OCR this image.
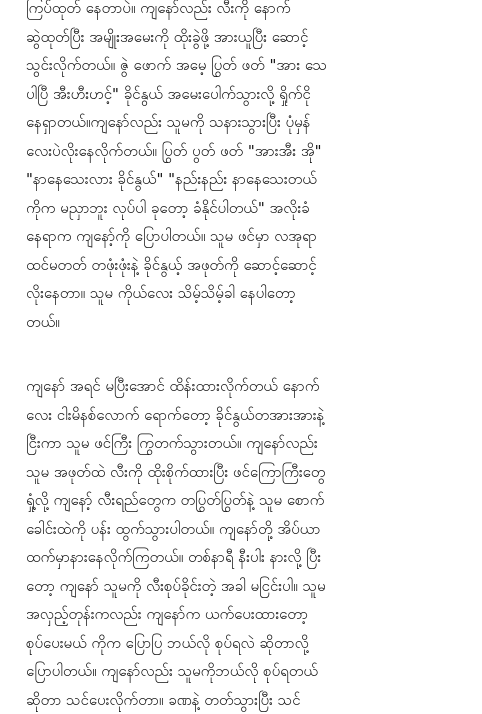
ကြပ်ထုတ် နေတာပဲ။ ကျနော်လည်း လီးကို နောက်
ဆွဲထုတ်ပြီး အမျိုးအမေးကို ထိုးခွဲဖို့ အားယူပြီး ဆောင့်
သွင်းလိုက်တယ်။ ဇွဲ ဖောက် အမေ့ ပြွတ် ဖတ် "အား သေ
ပါပြီ အီးဟီးဟင့်" ခိုင်နွယ် အမေးပေါက်သွားလို့ ရှိုက်ငို
နေရှာတယ်။ကျနော်လည်း သူမကို သနားသွားပြီး ပုံမှန်
လေးပဲလိုးနေလိုက်တယ်။ ပြွတ် ပွတ် ဖတ် "အားအီး အို"
"နာနေသေးလား ခိုင်နွယ်" "နည်းနည်း နာနေသေးတယ်
ကိုက မညှာဘူး လုပ်ပါ ခုတော့ ခံနိုင်ပါတယ်" အလိုးခံ
နေရာက ကျနော့်ကို ပြောပါတယ်။ သူမ ဖင်မှာ လအုရာ
ထင်မတတ် တဖုံးဖုံးနဲ့ ခိုင်နွယ့် အဖုတ်ကို ဆောင့်ဆောင့်
လိုးနေတာ။ သူမ ကိုယ်လေး သိမ့်သိမ့်ခါ နေပါတော့
တယ်။
ကျနော် အရင် မပြီးအောင် ထိန်းထားလိုက်တယ် နောက်
လေး ငါးမိနစ်လောက် ရောက်တော့ ခိုင်နွယ်တအားအားနဲ့
ငြီးကာ သူမ ဖင်ကြီး ကြွတက်သွားတယ်။ ကျနော်လည်း
သူမ အဖုတ်ထဲ လီးကို ထိုးစိုက်ထားပြီး ဖင်ကြောကြီးတွေ
ရှုံ့လို့ ကျနော့် လီးရည်တွေက တပြွတ်ပြွတ်နဲ့ သူမ စောက်
ခေါင်းထဲကို ပန်း ထွက်သွားပါတယ်။ ကျနော်တို့ အိပ်ယာ
ထက်မှာနားနေလိုက်ကြတယ်။ တစ်နာရီ နီးပါး နားလို့ ပြီး
တော့ ကျနော် သူမကို လီးစုပ်ခိုင်းတဲ့ အခါ မငြင်းပါ။ သူမ
အလှည့်တုန်းကလည်း ကျနော်က ယက်ပေးထားတော့
စုပ်ပေးမယ် ကိုက ပြောပြ ဘယ်လို စုပ်ရလဲ ဆိုတာလို့
ပြောပါတယ်။ ကျနော်လည်း သူမကိုဘယ်လို စုပ်ရတယ်
ဆိုတာ သင်ပေးလိုက်တာ။ ခဏနဲ့ တတ်သွားပြီး သင်
